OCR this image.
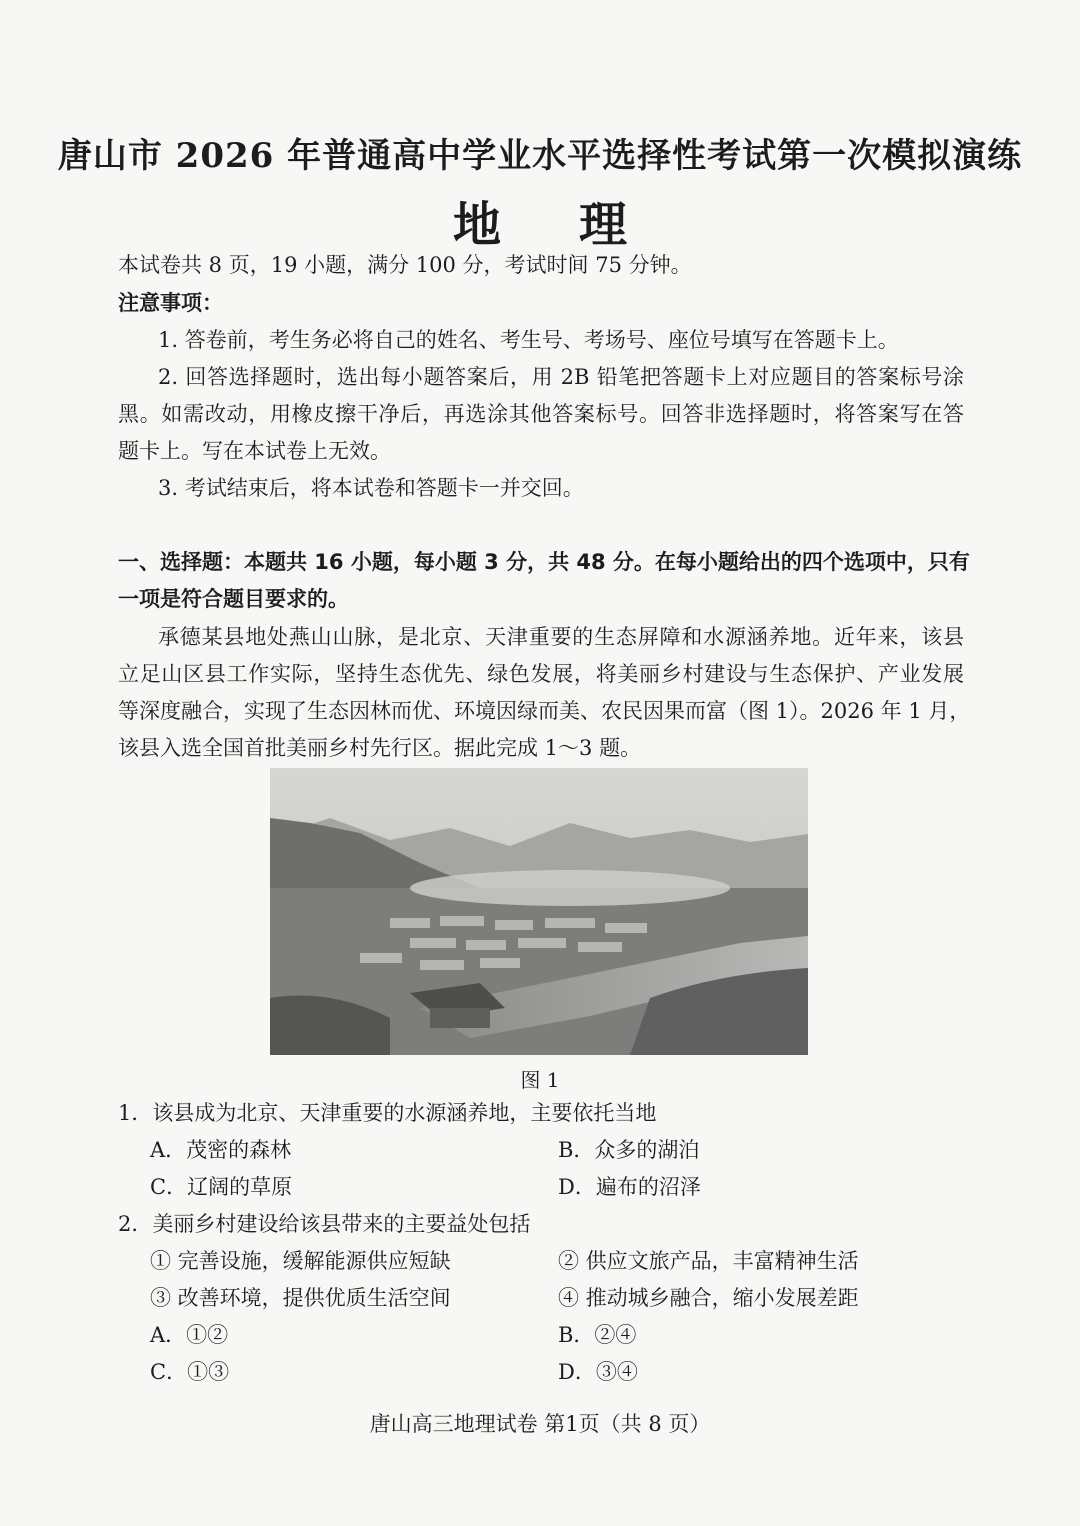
唐山市 2026 年普通高中学业水平选择性考试第一次模拟演练
地理
本试卷共 8 页，19 小题，满分 100 分，考试时间 75 分钟。
注意事项：
1. 答卷前，考生务必将自己的姓名、考生号、考场号、座位号填写在答题卡上。
2. 回答选择题时，选出每小题答案后，用 2B 铅笔把答题卡上对应题目的答案标号涂
黑。如需改动，用橡皮擦干净后，再选涂其他答案标号。回答非选择题时，将答案写在答
题卡上。写在本试卷上无效。
3. 考试结束后，将本试卷和答题卡一并交回。
一、选择题：本题共 16 小题，每小题 3 分，共 48 分。在每小题给出的四个选项中，只有
一项是符合题目要求的。
承德某县地处燕山山脉，是北京、天津重要的生态屏障和水源涵养地。近年来，该县
立足山区县工作实际，坚持生态优先、绿色发展，将美丽乡村建设与生态保护、产业发展
等深度融合，实现了生态因林而优、环境因绿而美、农民因果而富（图 1）。2026 年 1 月，
该县入选全国首批美丽乡村先行区。据此完成 1～3 题。
图 1
1．该县成为北京、天津重要的水源涵养地，主要依托当地
A．茂密的森林	B．众多的湖泊
C．辽阔的草原	D．遍布的沼泽
2．美丽乡村建设给该县带来的主要益处包括
① 完善设施，缓解能源供应短缺	② 供应文旅产品，丰富精神生活
③ 改善环境，提供优质生活空间	④ 推动城乡融合，缩小发展差距
A．①②	B．②④
C．①③	D．③④
唐山高三地理试卷 第1页（共 8 页）
